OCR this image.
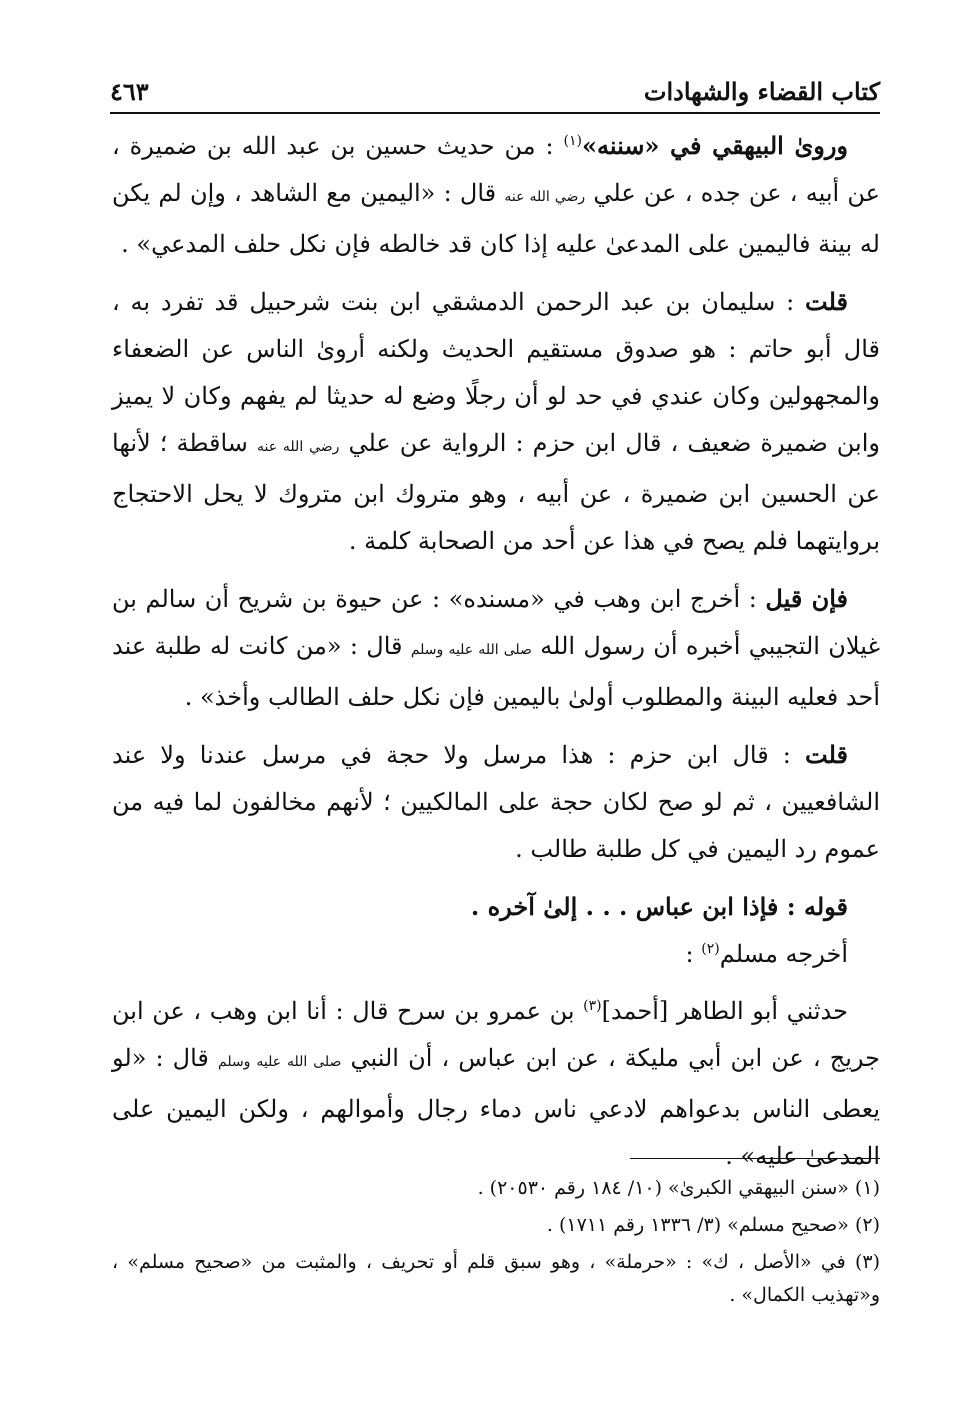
كتاب القضاء والشهادات
٤٦٣

وروىٰ البيهقي في «سننه»$^{(١)}$ : من حديث حسين بن عبد الله بن ضميرة ، عن أبيه ، عن جده ، عن علي رضي الله عنه قال : «اليمين مع الشاهد ، وإن لم يكن له بينة فاليمين على المدعىٰ عليه إذا كان قد خالطه فإن نكل حلف المدعي» .

قلت : سليمان بن عبد الرحمن الدمشقي ابن بنت شرحبيل قد تفرد به ، قال أبو حاتم : هو صدوق مستقيم الحديث ولكنه أروىٰ الناس عن الضعفاء والمجهولين وكان عندي في حد لو أن رجلًا وضع له حديثا لم يفهم وكان لا يميز وابن ضميرة ضعيف ، قال ابن حزم : الرواية عن علي رضي الله عنه ساقطة ؛ لأنها عن الحسين ابن ضميرة ، عن أبيه ، وهو متروك ابن متروك لا يحل الاحتجاج بروايتهما فلم يصح في هذا عن أحد من الصحابة كلمة .

فإن قيل : أخرج ابن وهب في «مسنده» : عن حيوة بن شريح أن سالم بن غيلان التجيبي أخبره أن رسول الله صلى الله عليه وسلم قال : «من كانت له طلبة عند أحد فعليه البينة والمطلوب أولىٰ باليمين فإن نكل حلف الطالب وأخذ» .

قلت : قال ابن حزم : هذا مرسل ولا حجة في مرسل عندنا ولا عند الشافعيين ، ثم لو صح لكان حجة على المالكيين ؛ لأنهم مخالفون لما فيه من عموم رد اليمين في كل طلبة طالب .

قوله : فإذا ابن عباس . . . إلىٰ آخره .

أخرجه مسلم$^{(٢)}$ :

حدثني أبو الطاهر [أحمد]$^{(٣)}$ بن عمرو بن سرح قال : أنا ابن وهب ، عن ابن جريج ، عن ابن أبي مليكة ، عن ابن عباس ، أن النبي صلى الله عليه وسلم قال : «لو يعطى الناس بدعواهم لادعي ناس دماء رجال وأموالهم ، ولكن اليمين على المدعىٰ عليه» .

(١) «سنن البيهقي الكبرىٰ» (١٠/ ١٨٤ رقم ٢٠٥٣٠) .

(٢) «صحيح مسلم» (٣/ ١٣٣٦ رقم ١٧١١) .

(٣) في «الأصل ، ك» : «حرملة» ، وهو سبق قلم أو تحريف ، والمثبت من «صحيح مسلم» ، و«تهذيب الكمال» .
